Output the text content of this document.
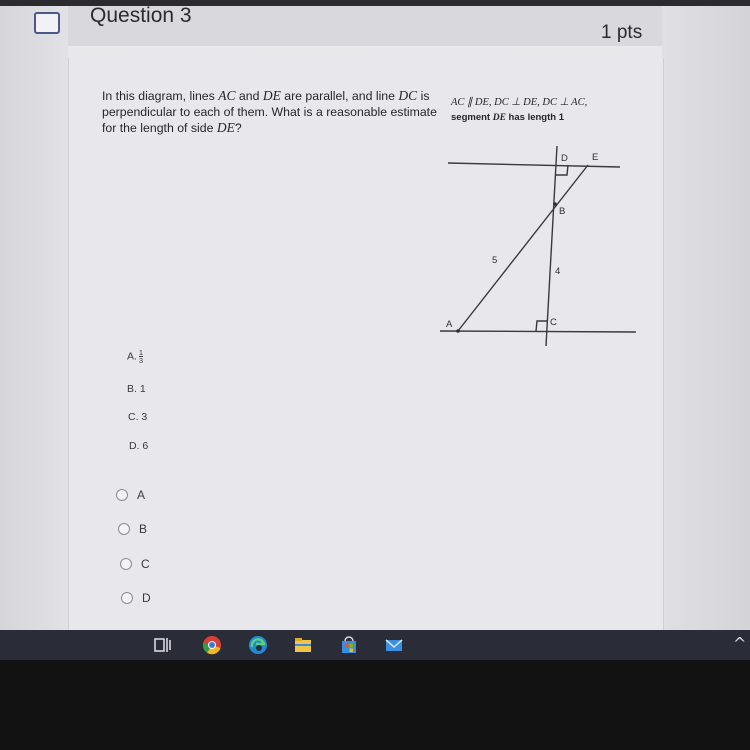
Question 3
1 pts
In this diagram, lines AC and DE are parallel, and line DC is perpendicular to each of them. What is a reasonable estimate for the length of side DE?
AC ∥ DE, DC ⊥ DE, DC ⊥ AC,
segment DE has length 1
D	E
B
A	C
5
4
A. $\frac{1}{3}$
B. 1
C. 3
D. 6
A
B
C
D
^
